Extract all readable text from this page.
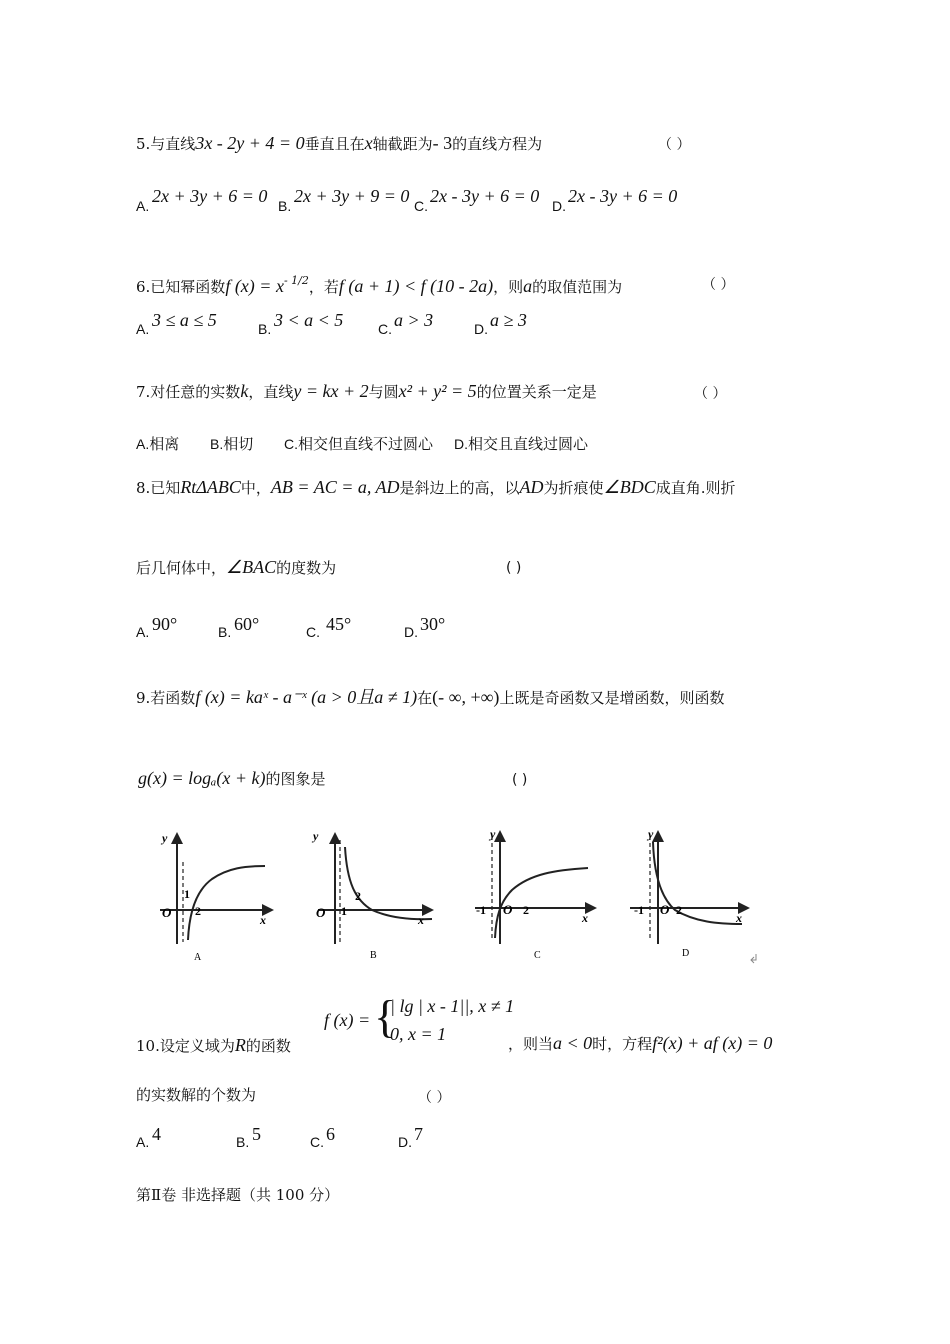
5.与直线3x - 2y + 4 = 0垂直且在x轴截距为- 3的直线方程为	（ ）
A. 2x + 3y + 6 = 0 B. 2x + 3y + 9 = 0 C. 2x - 3y + 6 = 0 D. 2x - 3y + 6 = 0
6.已知幂函数f $(x) = x^{- 1/2}$，若f (a + 1) < f (10 - 2a)，则a的取值范围为	（ ）
A. 3 ≤ a ≤ 5	B. 3 < a < 5 C. a > 3	D. a ≥ 3
7.对任意的实数k，直线y = kx + 2与圆x² + y² = 5的位置关系一定是	（ ）
A.相离 B.相切 C.相交但直线不过圆心 D.相交且直线过圆心
8.已知RtΔABC中，AB = AC = a, AD是斜边上的高，以AD为折痕使∠BDC成直角.则折
后几何体中，∠BAC的度数为	( )
A. 90°	B. 60°	C. 45°	D. 30°
9.若函数f (x) = kaˣ - a⁻ˣ (a > 0且a ≠ 1)在(- ∞, +∞)上既是奇函数又是增函数，则函数
g(x) = logₐ(x + k)的图象是	( )
y
x
O
1
2
A
y
x
O 1
2
B
y
x
O
-1	2
C
y
x
O
-1	2
D
10.设定义域为R的函数
f (x) = {
| lg | x - 1||, x ≠ 1
0, x = 1	，则当a < 0时，方程f²(x) + af (x) = 0
的实数解的个数为	（ ）
A. 4	B. 5	C. 6	D. 7
第Ⅱ卷 非选择题（共 100 分）
